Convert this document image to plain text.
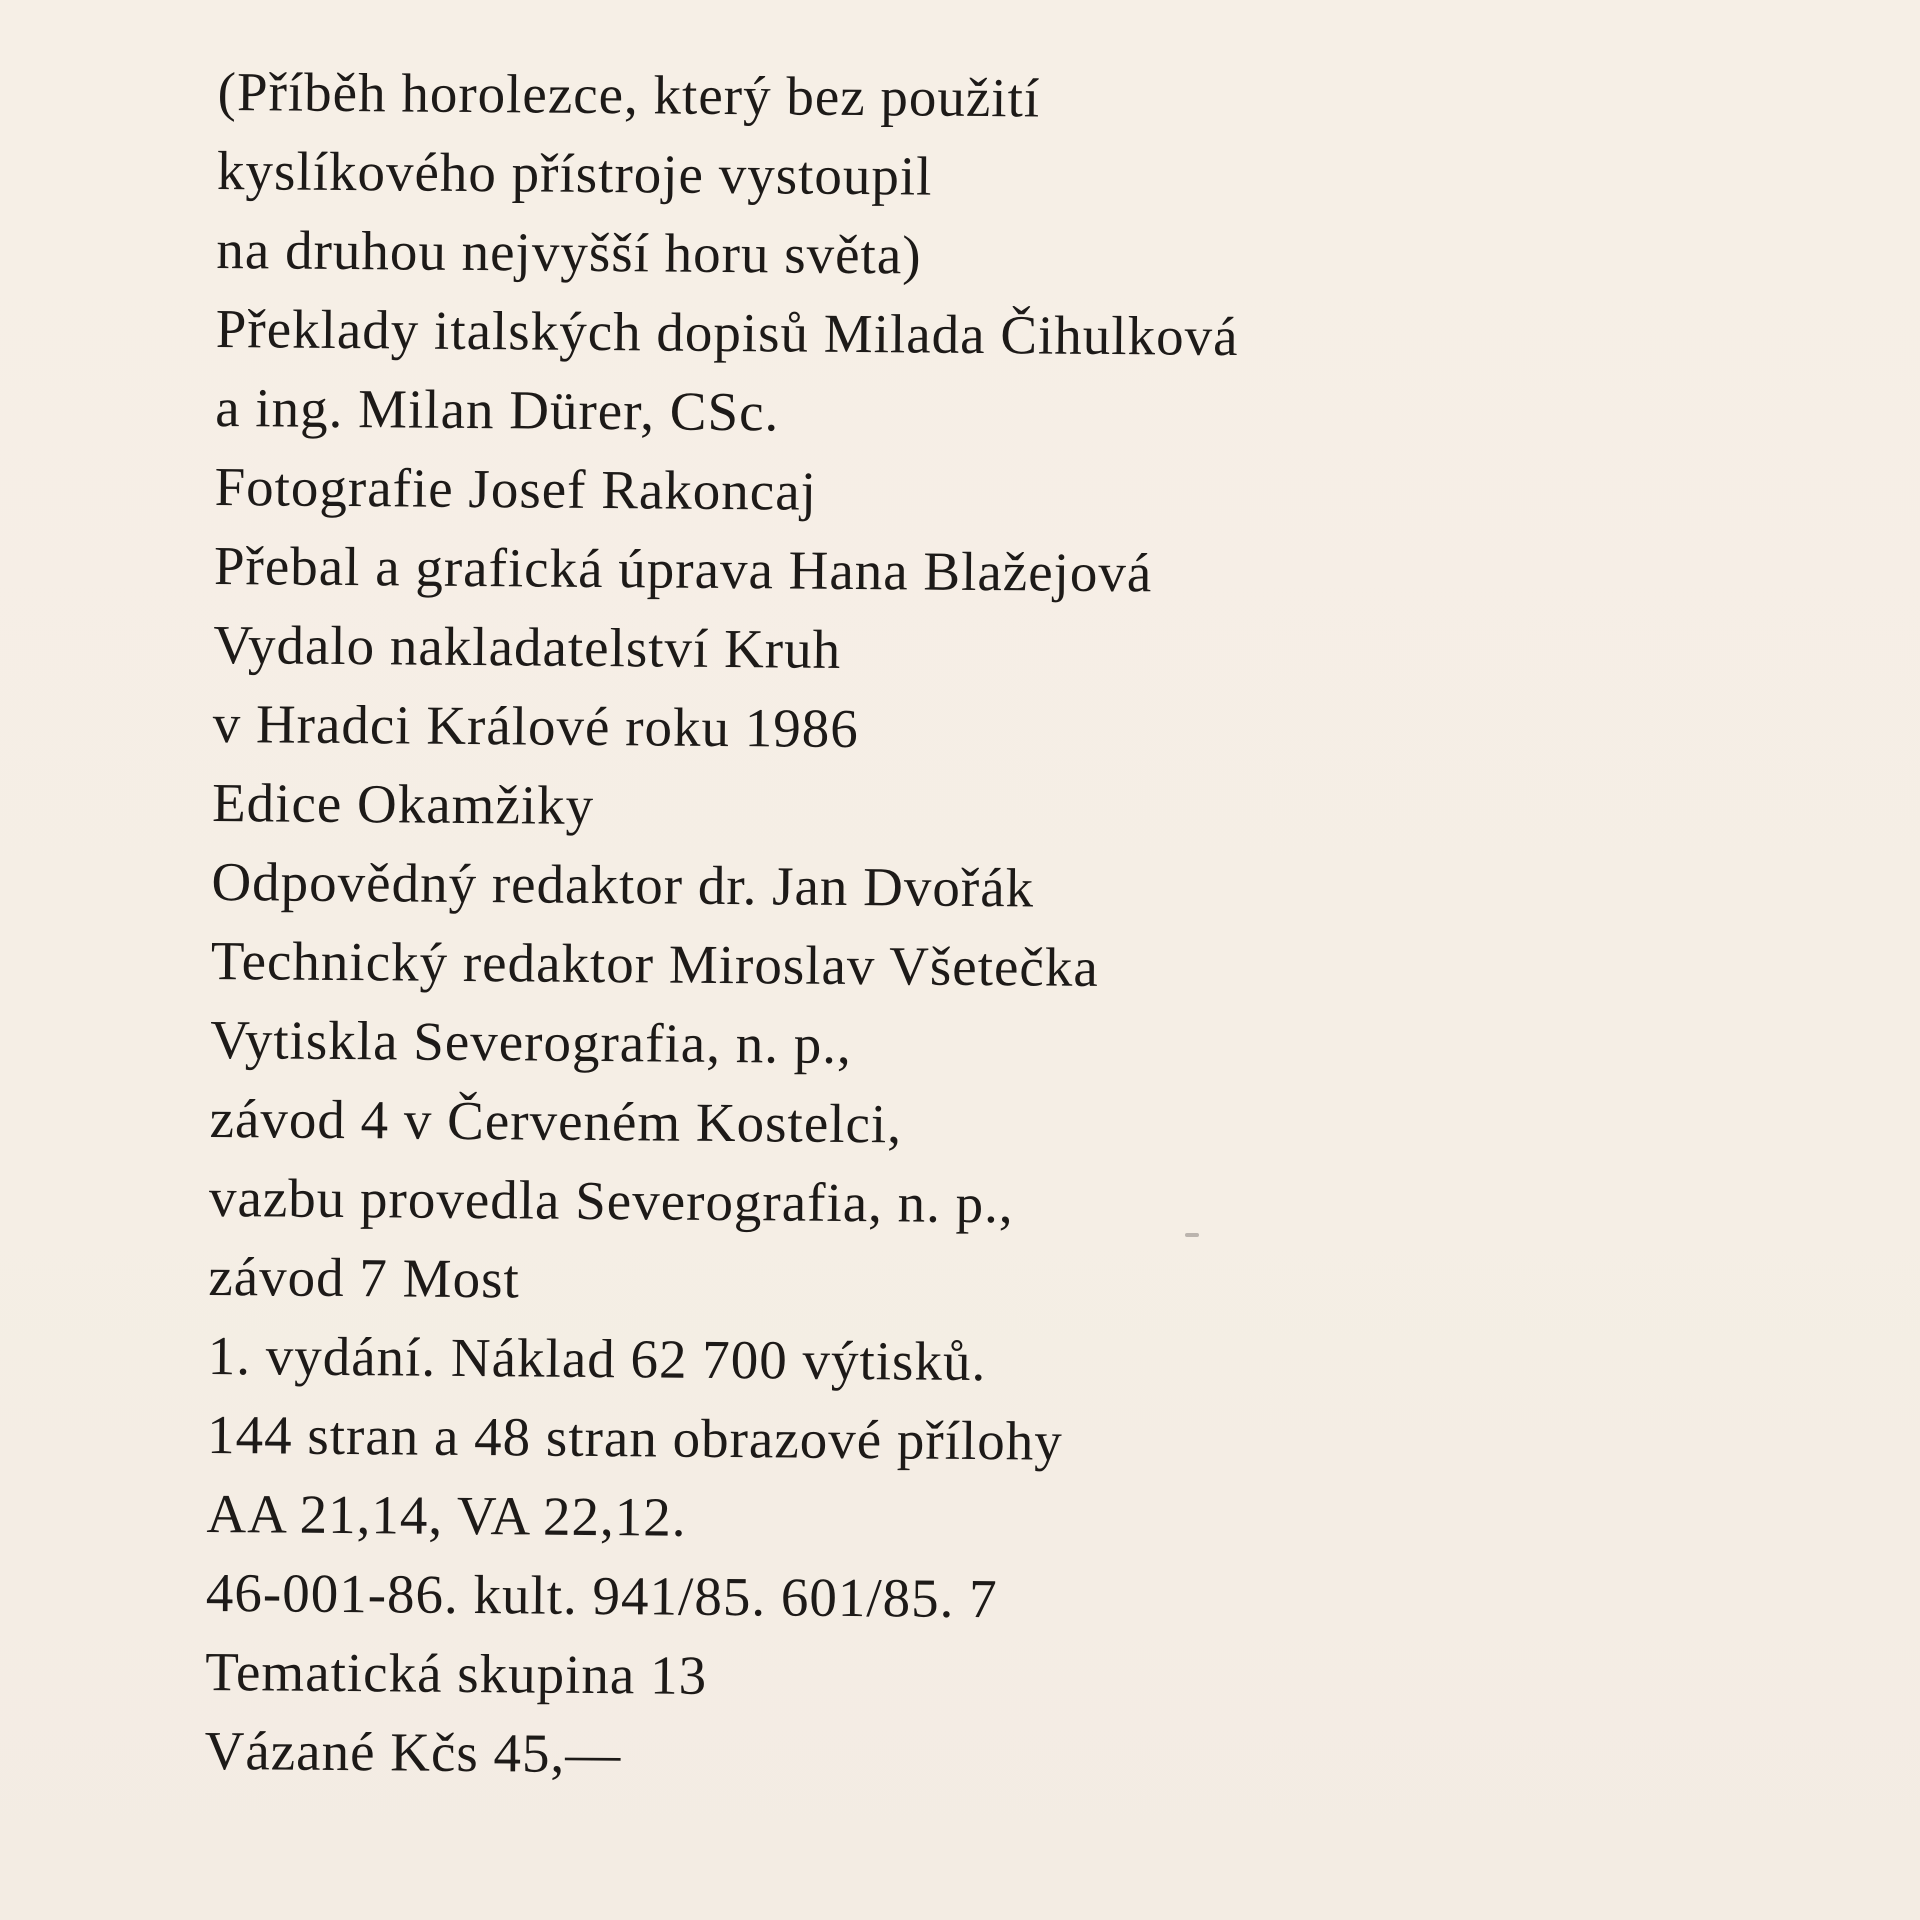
(Příběh horolezce, který bez použití
kyslíkového přístroje vystoupil
na druhou nejvyšší horu světa)
Překlady italských dopisů Milada Čihulková
a ing. Milan Dürer, CSc.
Fotografie Josef Rakoncaj
Přebal a grafická úprava Hana Blažejová
Vydalo nakladatelství Kruh
v Hradci Králové roku 1986
Edice Okamžiky
Odpovědný redaktor dr. Jan Dvořák
Technický redaktor Miroslav Všetečka
Vytiskla Severografia, n. p.,
závod 4 v Červeném Kostelci,
vazbu provedla Severografia, n. p.,
závod 7 Most
1. vydání. Náklad 62 700 výtisků.
144 stran a 48 stran obrazové přílohy
AA 21,14, VA 22,12.
46-001-86. kult. 941/85. 601/85. 7
Tematická skupina 13
Vázané Kčs 45,—
